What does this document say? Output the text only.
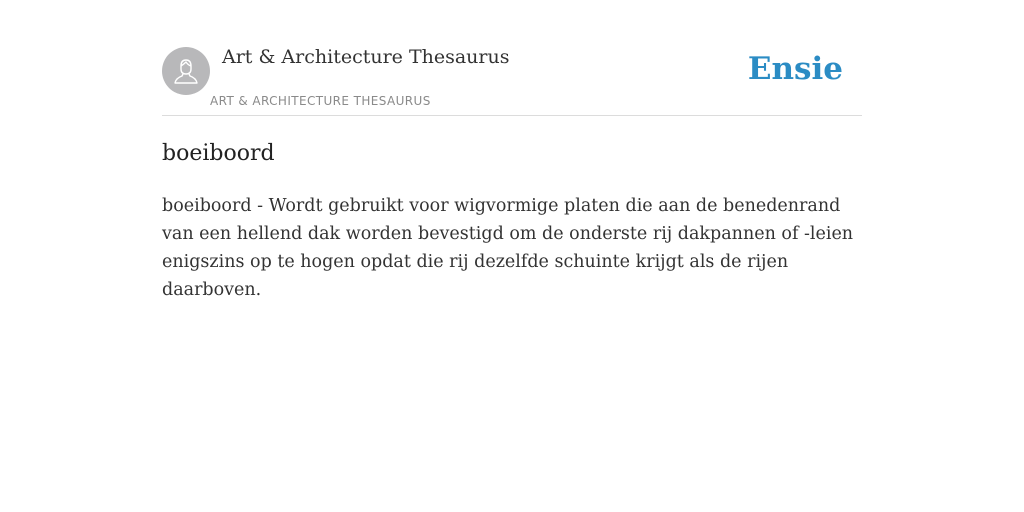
Art & Architecture Thesaurus
ART & ARCHITECTURE THESAURUS
Ensie
boeiboord

boeiboord - Wordt gebruikt voor wigvormige platen die aan de benedenrand van een hellend dak worden bevestigd om de onderste rij dakpannen of -leien enigszins op te hogen opdat die rij dezelfde schuinte krijgt als de rijen daarboven.
